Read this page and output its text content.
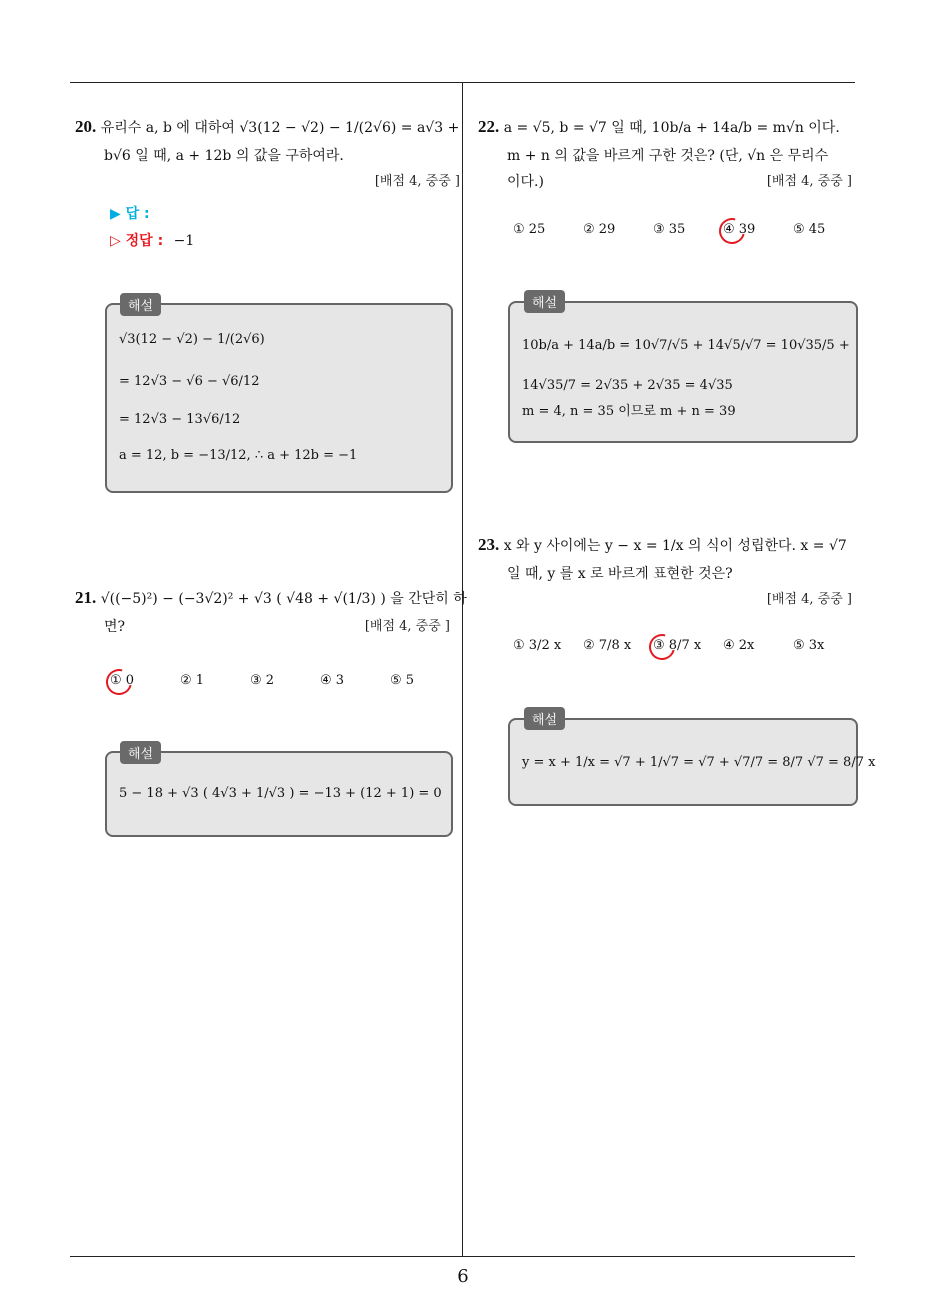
20. 유리수 a, b 에 대하여 √3(12 − √2) − 1/(2√6) = a√3 +
b√6 일 때, a + 12b 의 값을 구하여라.
[배점 4, 중중 ]
▶ 답 :
▷ 정답 : −1
√3(12 − √2) − 1/(2√6)
= 12√3 − √6 − √6/12
= 12√3 − 13√6/12
a = 12, b = −13/12, ∴ a + 12b = −1
해설
21. √((−5)²) − (−3√2)² + √3 ( √48 + √(1/3) ) 을 간단히 하
면?	[배점 4, 중중 ]
① 0	② 1	③ 2	④ 3	⑤ 5
5 − 18 + √3 ( 4√3 + 1/√3 ) = −13 + (12 + 1) = 0
해설
22. a = √5, b = √7 일 때, 10b/a + 14a/b = m√n 이다.
m + n 의 값을 바르게 구한 것은? (단, √n 은 무리수
이다.)	[배점 4, 중중 ]
① 25	② 29	③ 35	④ 39	⑤ 45
10b/a + 14a/b = 10√7/√5 + 14√5/√7 = 10√35/5 +
14√35/7 = 2√35 + 2√35 = 4√35
m = 4, n = 35 이므로 m + n = 39
해설
23. x 와 y 사이에는 y − x = 1/x 의 식이 성립한다. x = √7
일 때, y 를 x 로 바르게 표현한 것은?
[배점 4, 중중 ]
① 3/2 x	② 7/8 x	③ 8/7 x	④ 2x	⑤ 3x
y = x + 1/x = √7 + 1/√7 = √7 + √7/7 = 8/7 √7 = 8/7 x
해설
6
